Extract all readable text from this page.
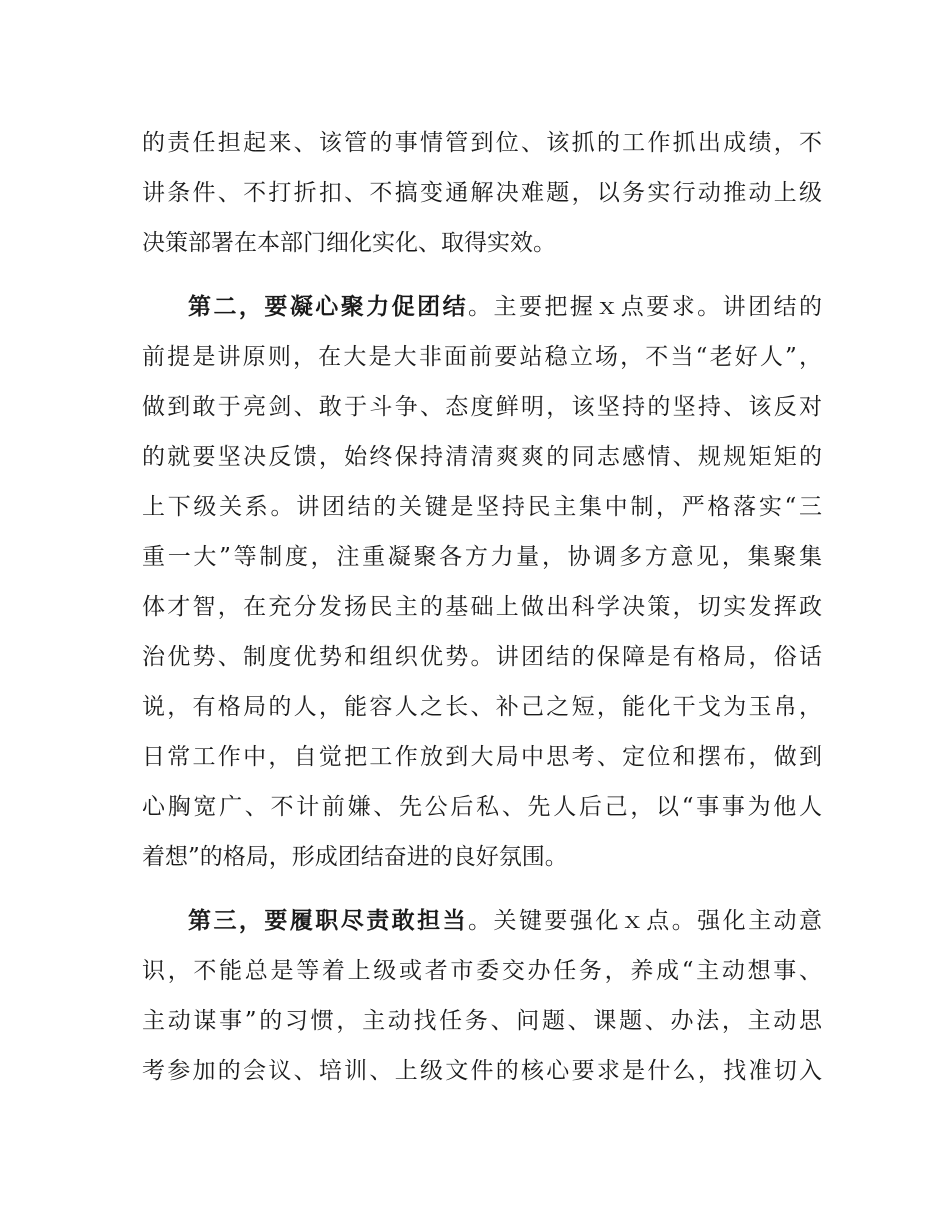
的责任担起来、该管的事情管到位、该抓的工作抓出成绩，不
讲条件、不打折扣、不搞变通解决难题，以务实行动推动上级
决策部署在本部门细化实化、取得实效。
第二，要凝心聚力促团结。主要把握ｘ点要求。讲团结的
前提是讲原则，在大是大非面前要站稳立场，不当“老好人”，
做到敢于亮剑、敢于斗争、态度鲜明，该坚持的坚持、该反对
的就要坚决反馈，始终保持清清爽爽的同志感情、规规矩矩的
上下级关系。讲团结的关键是坚持民主集中制，严格落实“三
重一大”等制度，注重凝聚各方力量，协调多方意见，集聚集
体才智，在充分发扬民主的基础上做出科学决策，切实发挥政
治优势、制度优势和组织优势。讲团结的保障是有格局，俗话
说，有格局的人，能容人之长、补己之短，能化干戈为玉帛，
日常工作中，自觉把工作放到大局中思考、定位和摆布，做到
心胸宽广、不计前嫌、先公后私、先人后己，以“事事为他人
着想”的格局，形成团结奋进的良好氛围。
第三，要履职尽责敢担当。关键要强化ｘ点。强化主动意
识，不能总是等着上级或者市委交办任务，养成“主动想事、
主动谋事”的习惯，主动找任务、问题、课题、办法，主动思
考参加的会议、培训、上级文件的核心要求是什么，找准切入
